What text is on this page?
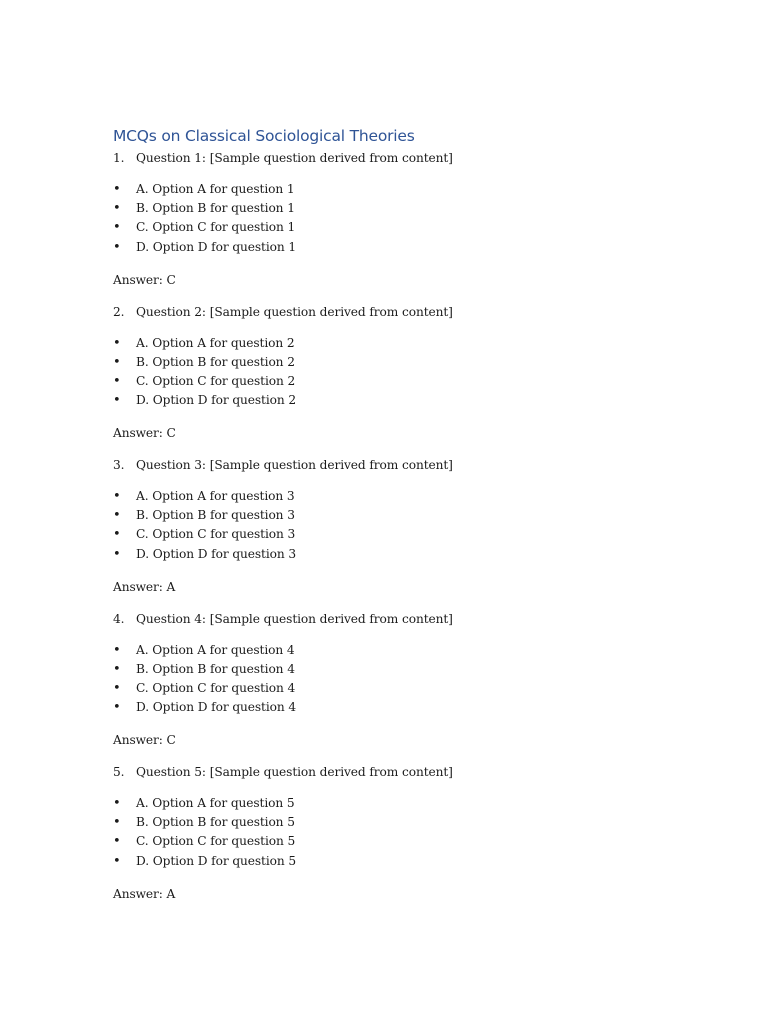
MCQs on Classical Sociological Theories
1. Question 1: [Sample question derived from content]
•	A. Option A for question 1
•	B. Option B for question 1
•	C. Option C for question 1
•	D. Option D for question 1
Answer: C
2. Question 2: [Sample question derived from content]
•	A. Option A for question 2
•	B. Option B for question 2
•	C. Option C for question 2
•	D. Option D for question 2
Answer: C
3. Question 3: [Sample question derived from content]
•	A. Option A for question 3
•	B. Option B for question 3
•	C. Option C for question 3
•	D. Option D for question 3
Answer: A
4. Question 4: [Sample question derived from content]
•	A. Option A for question 4
•	B. Option B for question 4
•	C. Option C for question 4
•	D. Option D for question 4
Answer: C
5. Question 5: [Sample question derived from content]
•	A. Option A for question 5
•	B. Option B for question 5
•	C. Option C for question 5
•	D. Option D for question 5
Answer: A
